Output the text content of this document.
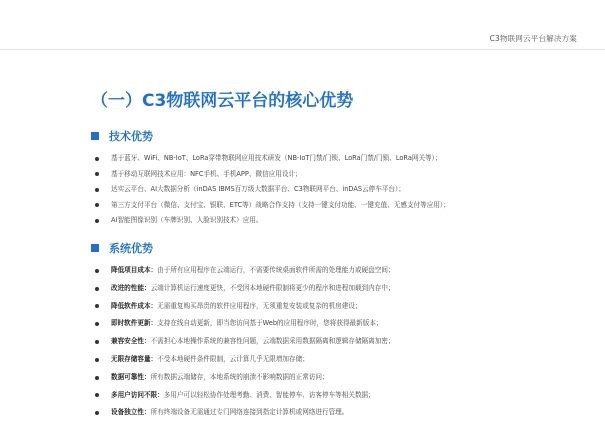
C3物联网云平台解决方案
（一）C3物联网云平台的核心优势
技术优势
基于蓝牙、WiFi、NB-IoT、LoRa穿带物联网应用技术研发（NB-IoT门禁/门锁、LoRa门禁/门锁、LoRa网关等）；
基于移动互联网技术应用：NFC手机、手机APP、微信应用设计；
达实云平台、AI大数据分析（inDAS IBMS百万级大数据平台、C3物联网平台、inDAS云停车平台）；
第三方支付平台（微信、支付宝、银联、ETC等）战略合作支持（支持一键支付功能、一键充值、无感支付等应用）；
AI智能图像识别（车牌识别、人脸识别技术）应用。
系统优势
降低项目成本：由于所有应用程序在云端运行，不需要传统桌面软件所需的处理能力或硬盘空间；
改进的性能：云端计算机运行速度更快，不受因本地硬件限制将更少的程序和进程加载到内存中；
降低软件成本：无需重复购买昂贵的软件应用程序，无须重复安装或复杂的机房建设；
即时软件更新：支持在线自动更新，即当您访问基于Web的应用程序时，您将获得最新版本；
兼容安全性：不需担心本地操作系统的兼容性问题，云端数据采用数据隔离和逻辑存储隔离加密；
无限存储容量：不受本地硬件条件限制，云计算几乎无限增加存储；
数据可靠性：所有数据云端储存，本地系统的崩溃不影响数据的正常访问；
多用户访问不限：多用户可以轻松协作处理考勤、消费、智能停车、访客停车等相关数据；
设备独立性：所有终端设备无需通过专门网络连接到指定计算机或网络进行管理。
